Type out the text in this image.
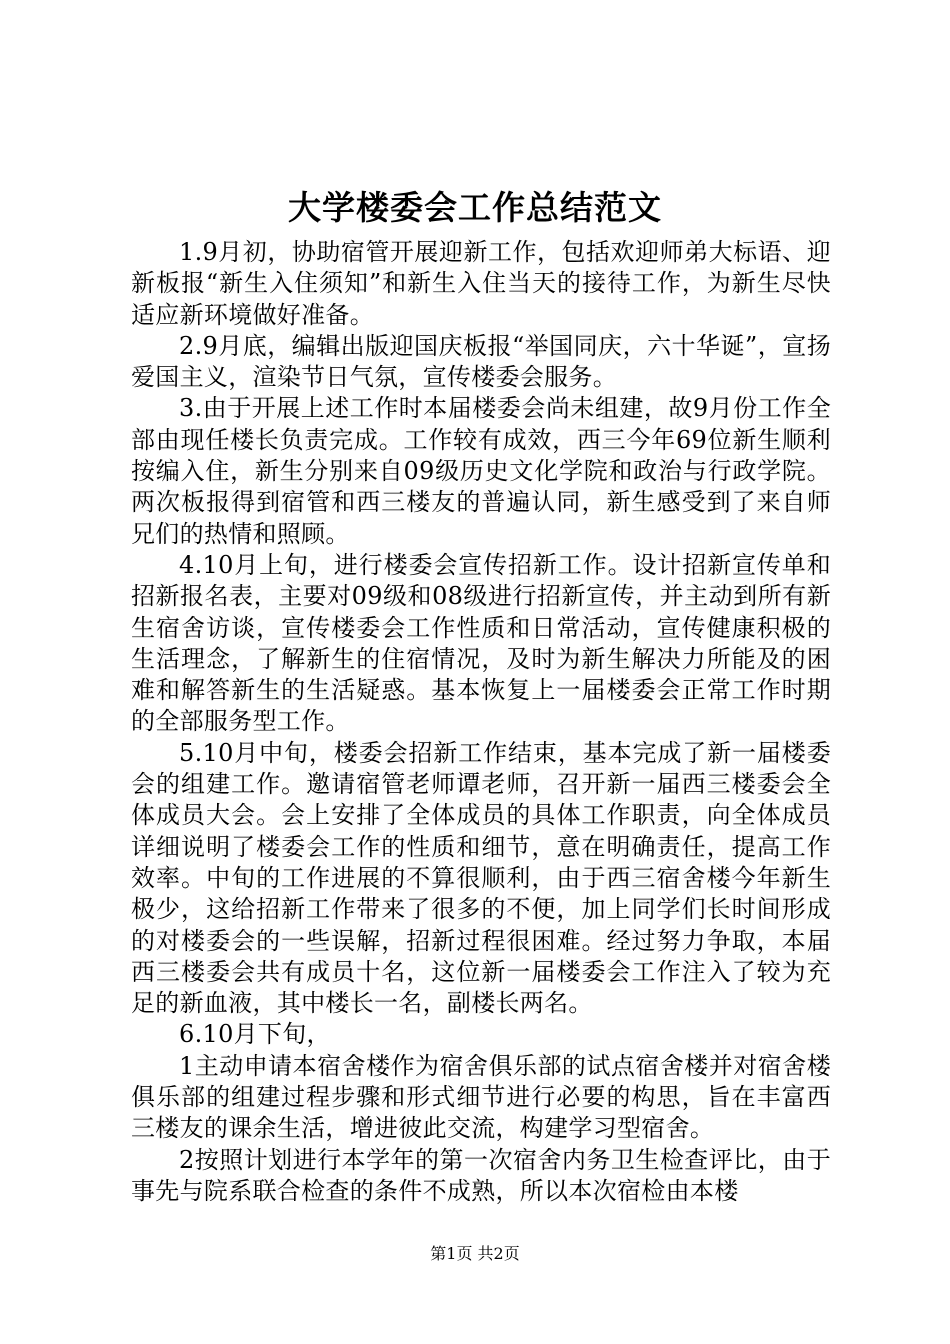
大学楼委会工作总结范文

1.9月初，协助宿管开展迎新工作，包括欢迎师弟大标语、迎新板报“新生入住须知”和新生入住当天的接待工作，为新生尽快适应新环境做好准备。

2.9月底，编辑出版迎国庆板报“举国同庆，六十华诞”，宣扬爱国主义，渲染节日气氛，宣传楼委会服务。

3.由于开展上述工作时本届楼委会尚未组建，故9月份工作全部由现任楼长负责完成。工作较有成效，西三今年69位新生顺利按编入住，新生分别来自09级历史文化学院和政治与行政学院。两次板报得到宿管和西三楼友的普遍认同，新生感受到了来自师兄们的热情和照顾。

4.10月上旬，进行楼委会宣传招新工作。设计招新宣传单和招新报名表，主要对09级和08级进行招新宣传，并主动到所有新生宿舍访谈，宣传楼委会工作性质和日常活动，宣传健康积极的生活理念，了解新生的住宿情况，及时为新生解决力所能及的困难和解答新生的生活疑惑。基本恢复上一届楼委会正常工作时期的全部服务型工作。

5.10月中旬，楼委会招新工作结束，基本完成了新一届楼委会的组建工作。邀请宿管老师谭老师，召开新一届西三楼委会全体成员大会。会上安排了全体成员的具体工作职责，向全体成员详细说明了楼委会工作的性质和细节，意在明确责任，提高工作效率。中旬的工作进展的不算很顺利，由于西三宿舍楼今年新生极少，这给招新工作带来了很多的不便，加上同学们长时间形成的对楼委会的一些误解，招新过程很困难。经过努力争取，本届西三楼委会共有成员十名，这位新一届楼委会工作注入了较为充足的新血液，其中楼长一名，副楼长两名。

6.10月下旬，

1主动申请本宿舍楼作为宿舍俱乐部的试点宿舍楼并对宿舍楼俱乐部的组建过程步骤和形式细节进行必要的构思，旨在丰富西三楼友的课余生活，增进彼此交流，构建学习型宿舍。

2按照计划进行本学年的第一次宿舍内务卫生检查评比，由于事先与院系联合检查的条件不成熟，所以本次宿检由本楼

第1页 共2页
